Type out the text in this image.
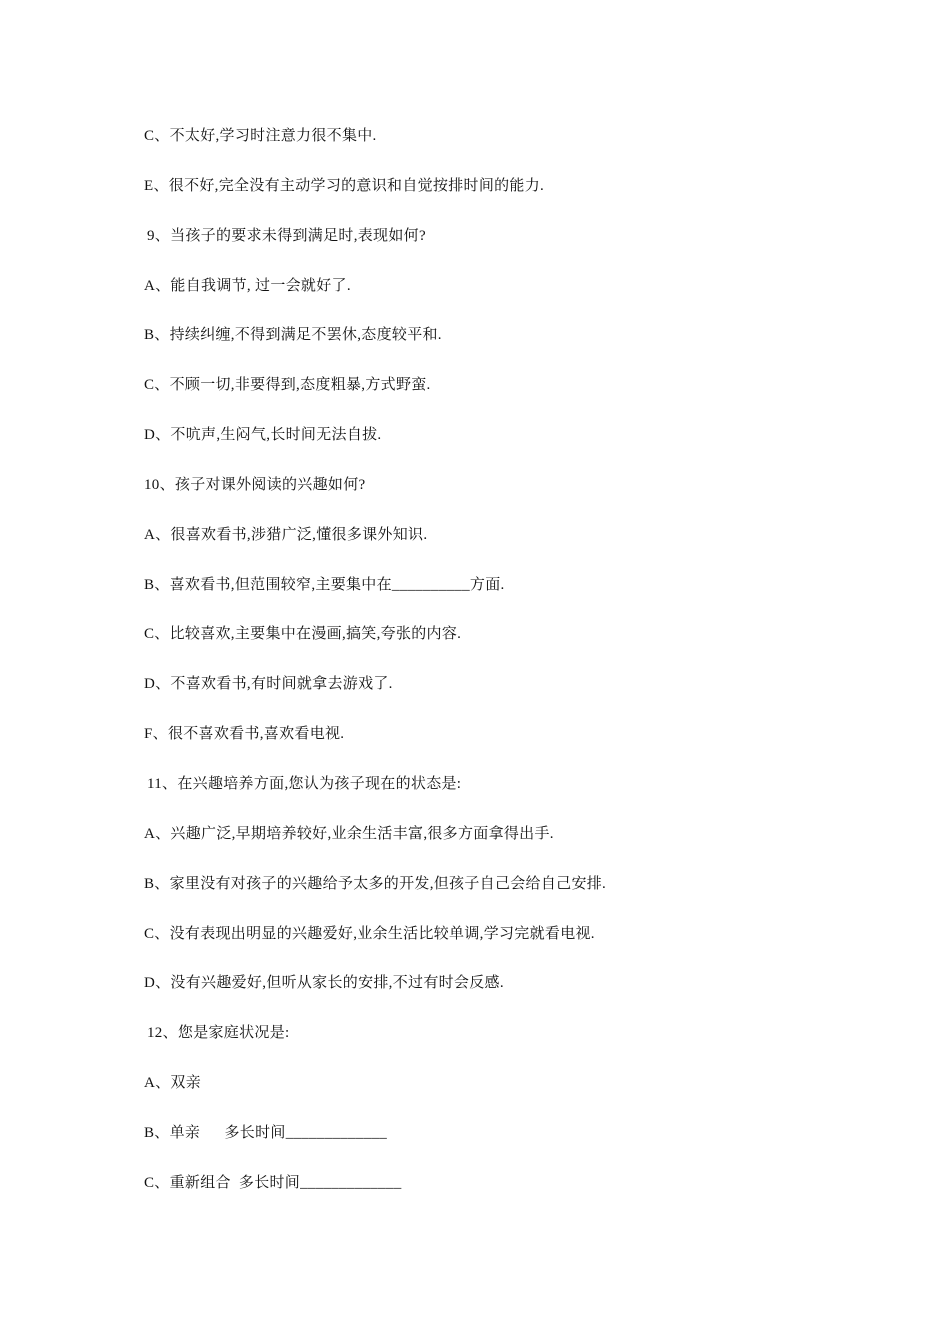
C、不太好,学习时注意力很不集中.
E、很不好,完全没有主动学习的意识和自觉按排时间的能力.
9、当孩子的要求未得到满足时,表现如何?
A、能自我调节, 过一会就好了.
B、持续纠缠,不得到满足不罢休,态度较平和.
C、不顾一切,非要得到,态度粗暴,方式野蛮.
D、不吭声,生闷气,长时间无法自拔.
10、孩子对课外阅读的兴趣如何?
A、很喜欢看书,涉猎广泛,懂很多课外知识.
B、喜欢看书,但范围较窄,主要集中在__________方面.
C、比较喜欢,主要集中在漫画,搞笑,夸张的内容.
D、不喜欢看书,有时间就拿去游戏了.
F、很不喜欢看书,喜欢看电视.
11、在兴趣培养方面,您认为孩子现在的状态是:
A、兴趣广泛,早期培养较好,业余生活丰富,很多方面拿得出手.
B、家里没有对孩子的兴趣给予太多的开发,但孩子自己会给自己安排.
C、没有表现出明显的兴趣爱好,业余生活比较单调,学习完就看电视.
D、没有兴趣爱好,但听从家长的安排,不过有时会反感.
12、您是家庭状况是:
A、双亲
B、单亲      多长时间_____________
C、重新组合  多长时间_____________
